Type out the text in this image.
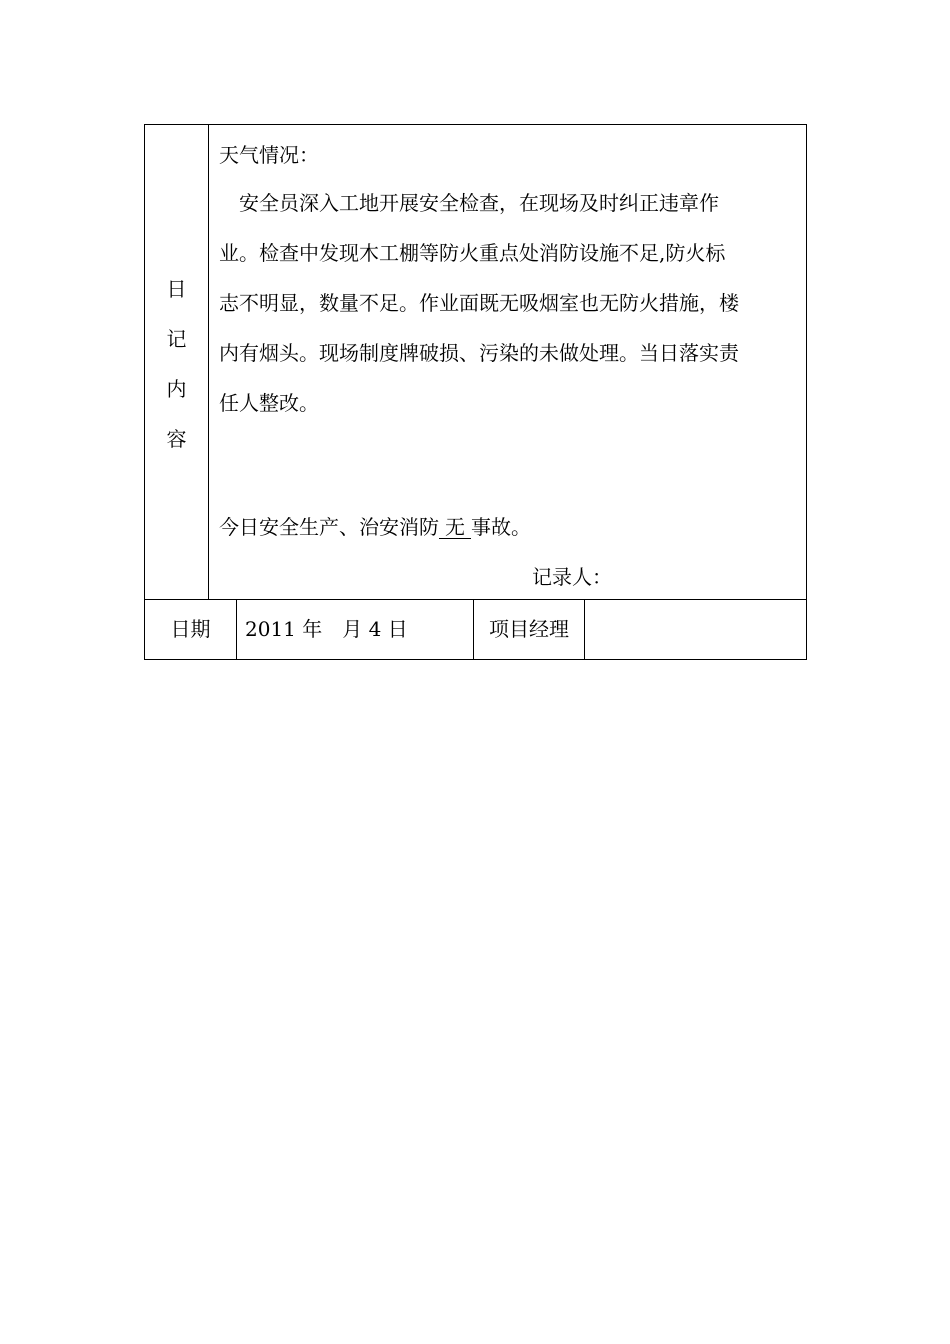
日
记
内
容
天气情况：
　安全员深入工地开展安全检查，在现场及时纠正违章作
业。检查中发现木工棚等防火重点处消防设施不足,防火标
志不明显，数量不足。作业面既无吸烟室也无防火措施，楼
内有烟头。现场制度牌破损、污染的未做处理。当日落实责
任人整改。
今日安全生产、治安消防 无 事故。
记录人：
日期	2011 年　月 4 日	项目经理
